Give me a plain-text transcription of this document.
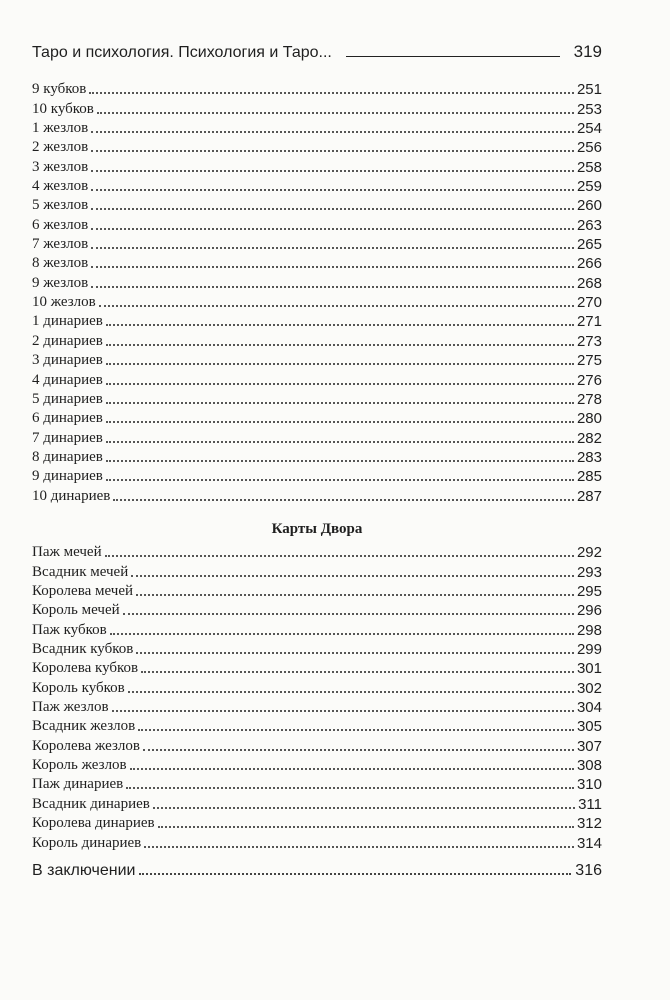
Таро и психология. Психология и Таро...	319
9 кубков	251
10 кубков	253
1 жезлов	254
2 жезлов	256
3 жезлов	258
4 жезлов	259
5 жезлов	260
6 жезлов	263
7 жезлов	265
8 жезлов	266
9 жезлов	268
10 жезлов	270
1 динариев	271
2 динариев	273
3 динариев	275
4 динариев	276
5 динариев	278
6 динариев	280
7 динариев	282
8 динариев	283
9 динариев	285
10 динариев	287
Карты Двора
Паж мечей	292
Всадник мечей	293
Королева мечей	295
Король мечей	296
Паж кубков	298
Всадник кубков	299
Королева кубков	301
Король кубков	302
Паж жезлов	304
Всадник жезлов	305
Королева жезлов	307
Король жезлов	308
Паж динариев	310
Всадник динариев	311
Королева динариев	312
Король динариев	314
В заключении	316
